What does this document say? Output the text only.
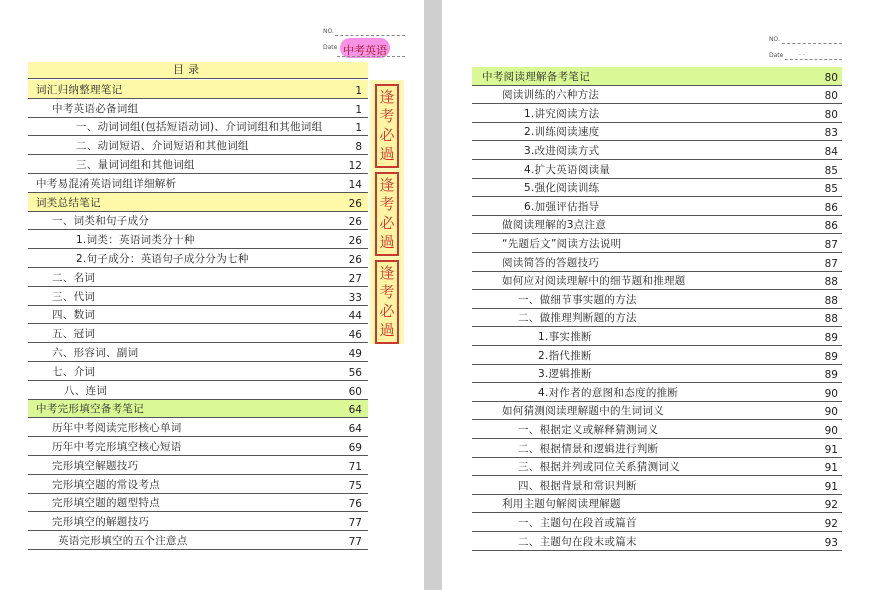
NO.
Date 中考英语
目 录
词汇归纳整理笔记	1
中考英语必备词组	1
一、动词词组(包括短语动词)、介词词组和其他词组	1
二、动词短语、介词短语和其他词组	8
三、量词词组和其他词组	12
中考易混淆英语词组详细解析	14
词类总结笔记	26
一、词类和句子成分	26
1.词类：英语词类分十种	26
2.句子成分：英语句子成分分为七种	26
二、名词	27
三、代词	33
四、数词	44
五、冠词	46
六、形容词、副词	49
七、介词	56
八、连词	60
中考完形填空备考笔记	64
历年中考阅读完形核心单词	64
历年中考完形填空核心短语	69
完形填空解题技巧	71
完形填空题的常设考点	75
完形填空题的题型特点	76
完形填空的解题技巧	77
英语完形填空的五个注意点	77
逢考必過
逢考必過
逢考必過
NO.
Date	· ·
中考阅读理解备考笔记	80
阅读训练的六种方法	80
1.讲究阅读方法	80
2.训练阅读速度	83
3.改进阅读方式	84
4.扩大英语阅读量	85
5.强化阅读训练	85
6.加强评估指导	86
做阅读理解的3点注意	86
“先题后文”阅读方法说明	87
阅读简答的答题技巧	87
如何应对阅读理解中的细节题和推理题	88
一、做细节事实题的方法	88
二、做推理判断题的方法	88
1.事实推断	89
2.指代推断	89
3.逻辑推断	89
4.对作者的意图和态度的推断	90
如何猜测阅读理解题中的生词词义	90
一、根据定义或解释猜测词义	90
二、根据情景和逻辑进行判断	91
三、根据并列或同位关系猜测词义	91
四、根据背景和常识判断	91
利用主题句解阅读理解题	92
一、主题句在段首或篇首	92
二、主题句在段末或篇末	93
